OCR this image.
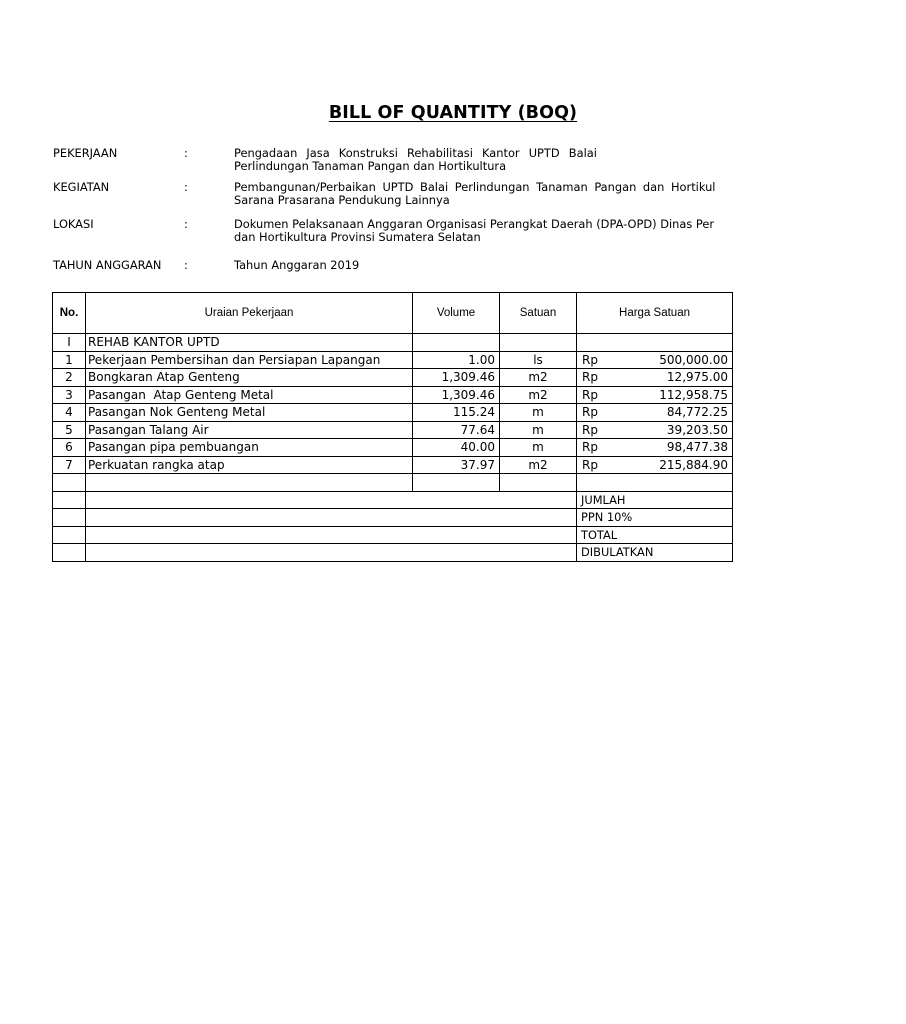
BILL OF QUANTITY (BOQ)
PEKERJAAN	:	Pengadaan Jasa Konstruksi Rehabilitasi Kantor UPTD Balai
Perlindungan Tanaman Pangan dan Hortikultura
KEGIATAN	:	Pembangunan/Perbaikan UPTD Balai Perlindungan Tanaman Pangan dan Hortikul
Sarana Prasarana Pendukung Lainnya
LOKASI	:	Dokumen Pelaksanaan Anggaran Organisasi Perangkat Daerah (DPA-OPD) Dinas Per
dan Hortikultura Provinsi Sumatera Selatan
TAHUN ANGGARAN :	Tahun Anggaran 2019
No.	Uraian Pekerjaan	Volume	Satuan	Harga Satuan
I	REHAB KANTOR UPTD			
1	Pekerjaan Pembersihan dan Persiapan Lapangan	1.00	ls	Rp 500,000.00

2	Bongkaran Atap Genteng	1,309.46	m2	Rp 12,975.00

3	Pasangan  Atap Genteng Metal	1,309.46	m2	Rp 112,958.75

4	Pasangan Nok Genteng Metal	115.24	m	Rp 84,772.25

5	Pasangan Talang Air	77.64	m	Rp 39,203.50

6	Pasangan pipa pembuangan	40.00	m	Rp 98,477.38

7	Perkuatan rangka atap	37.97	m2	Rp 215,884.90

				JUMLAH
				PPN 10%
				TOTAL
				DIBULATKAN
